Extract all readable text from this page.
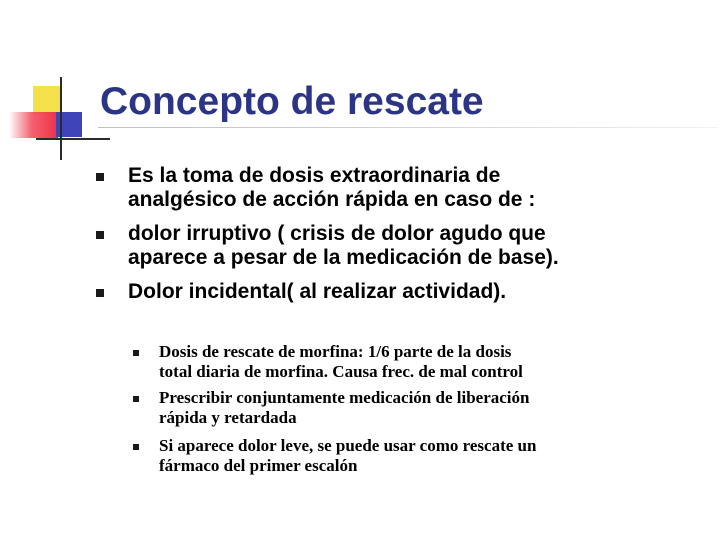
Concepto de rescate
Es la toma de dosis extraordinaria de
analgésico de acción rápida en caso de :
dolor irruptivo ( crisis de dolor agudo que
aparece a pesar de la medicación de base).
Dolor incidental( al realizar actividad).
Dosis de rescate de morfina: 1/6 parte de la dosis
total diaria de morfina. Causa frec. de mal control
Prescribir conjuntamente medicación de liberación
rápida y retardada
Si aparece dolor leve, se puede usar como rescate un
fármaco del primer escalón
